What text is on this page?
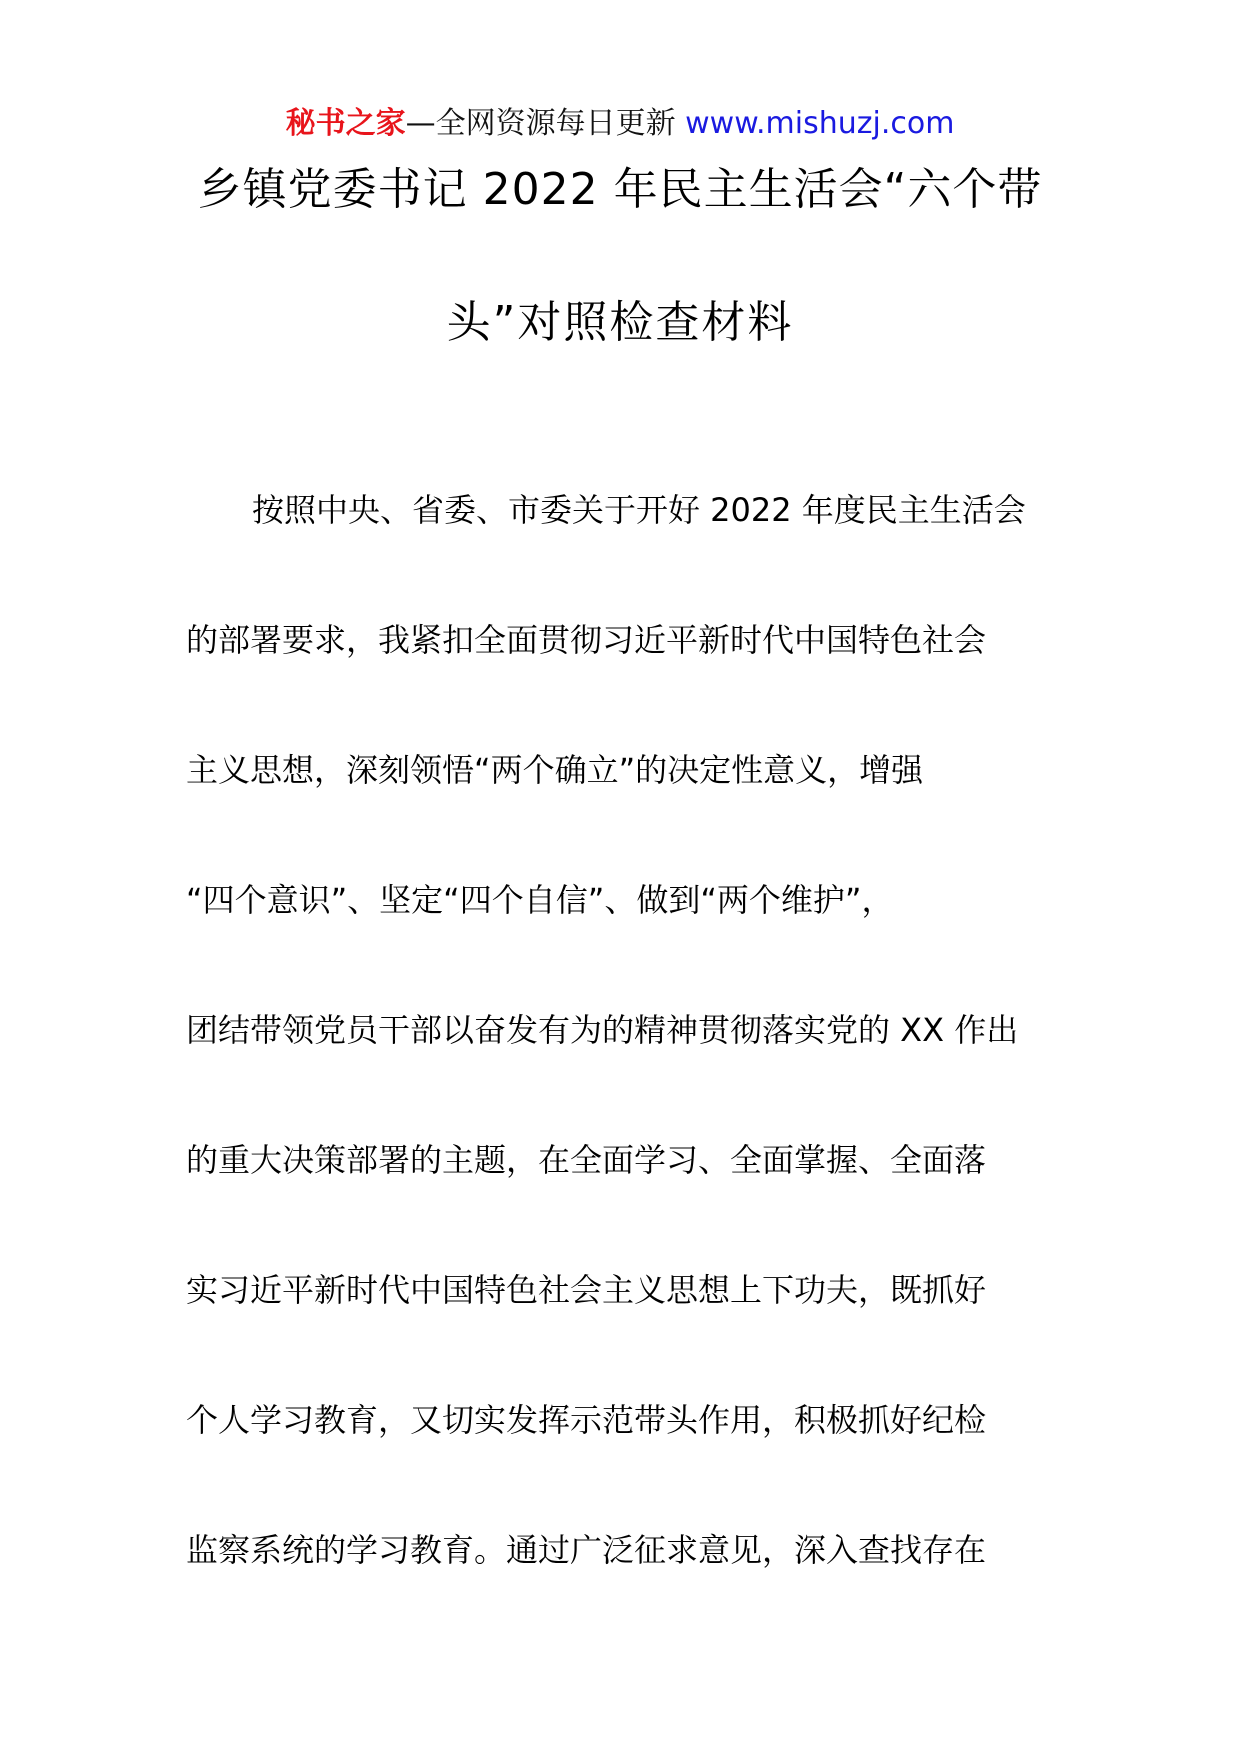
秘书之家—全网资源每日更新 www.mishuzj.com
乡镇党委书记 2022 年民主生活会“六个带
头”对照检查材料
按照中央、省委、市委关于开好 2022 年度民主生活会
的部署要求，我紧扣全面贯彻习近平新时代中国特色社会
主义思想，深刻领悟“两个确立”的决定性意义，增强
“四个意识”、坚定“四个自信”、做到“两个维护”，
团结带领党员干部以奋发有为的精神贯彻落实党的 XX 作出
的重大决策部署的主题，在全面学习、全面掌握、全面落
实习近平新时代中国特色社会主义思想上下功夫，既抓好
个人学习教育，又切实发挥示范带头作用，积极抓好纪检
监察系统的学习教育。通过广泛征求意见，深入查找存在
